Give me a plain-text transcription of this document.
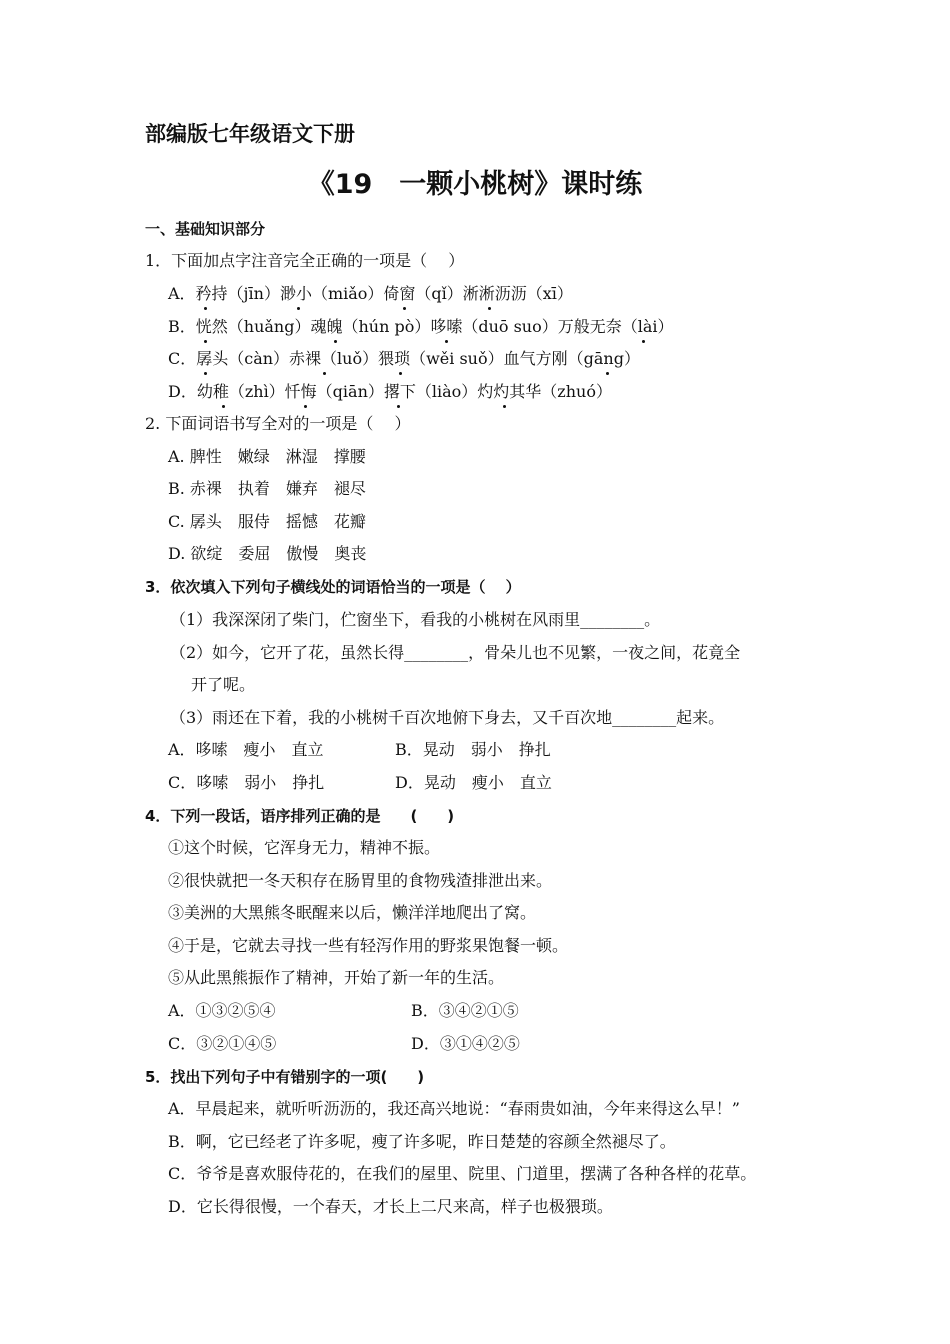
部编版七年级语文下册
《19　一颗小桃树》课时练
一、基础知识部分
1．下面加点字注音完全正确的一项是（　 ）
A．矜持（jīn）渺小（miǎo）倚窗（qǐ）淅淅沥沥（xī）
B．恍然（huǎng）魂魄（hún pò）哆嗦（duō suo）万般无奈（lài）
C．孱头（càn）赤裸（luǒ）猥琐（wěi suǒ）血气方刚（gāng）
D．幼稚（zhì）忏悔（qiān）撂下（liào）灼灼其华（zhuó）
2. 下面词语书写全对的一项是（　 ）
A. 脾性　嫩绿　淋湿　撑腰
B. 赤祼　执着　嫌弃　褪尽
C. 孱头　服侍　摇憾　花瓣
D. 欲绽　委屈　傲慢　奥丧
3．依次填入下列句子横线处的词语恰当的一项是（　 ）
（1）我深深闭了柴门，伫窗坐下，看我的小桃树在风雨里________。
（2）如今，它开了花，虽然长得________，骨朵儿也不见繁，一夜之间，花竟全
开了呢。
（3）雨还在下着，我的小桃树千百次地俯下身去，又千百次地________起来。
A．哆嗦　瘦小　直立	B．晃动　弱小　挣扎
C．哆嗦　弱小　挣扎	D．晃动　瘦小　直立
4．下列一段话，语序排列正确的是　　(　　)
①这个时候，它浑身无力，精神不振。
②很快就把一冬天积存在肠胃里的食物残渣排泄出来。
③美洲的大黑熊冬眠醒来以后，懒洋洋地爬出了窝。
④于是，它就去寻找一些有轻泻作用的野浆果饱餐一顿。
⑤从此黑熊振作了精神，开始了新一年的生活。
A．①③②⑤④	B．③④②①⑤
C．③②①④⑤	D．③①④②⑤
5．找出下列句子中有错别字的一项(　　)
A．早晨起来，就听听沥沥的，我还高兴地说：“春雨贵如油，今年来得这么早！”
B．啊，它已经老了许多呢，瘦了许多呢，昨日楚楚的容颜全然褪尽了。
C．爷爷是喜欢服侍花的，在我们的屋里、院里、门道里，摆满了各种各样的花草。
D．它长得很慢，一个春天，才长上二尺来高，样子也极猥琐。
